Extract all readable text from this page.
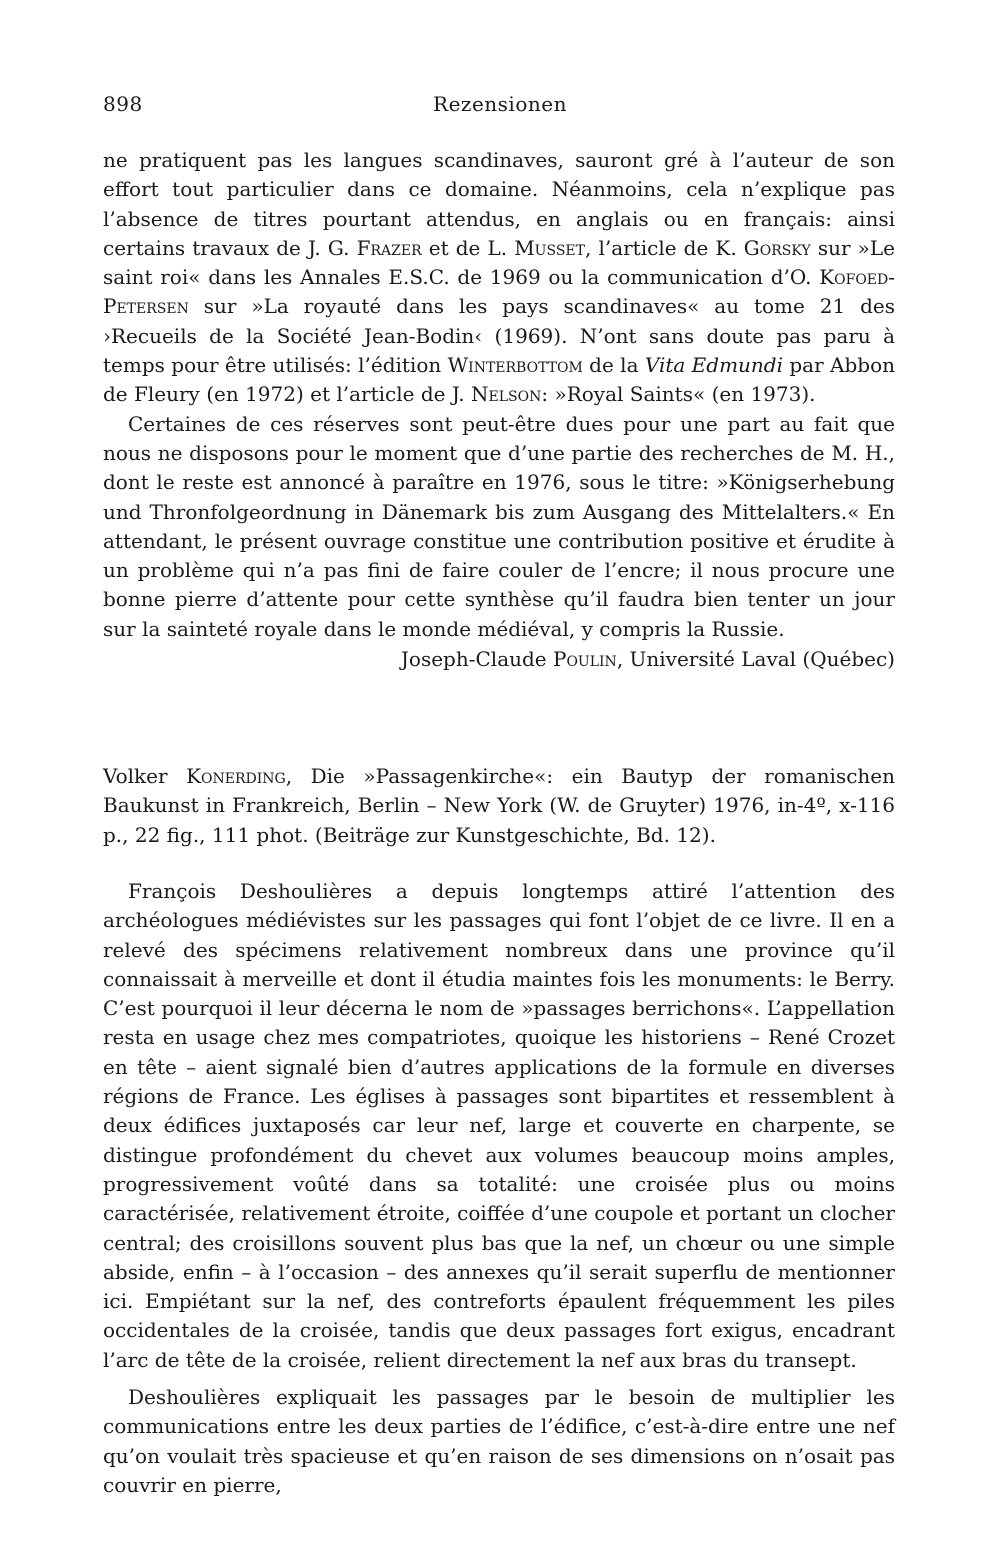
898	Rezensionen

ne pratiquent pas les langues scandinaves, sauront gré à l’auteur de son effort tout particulier dans ce domaine. Néanmoins, cela n’explique pas l’absence de titres pourtant attendus, en anglais ou en français: ainsi certains travaux de J. G. Frazer et de L. Musset, l’article de K. Gorsky sur »Le saint roi« dans les Annales E.S.C. de 1969 ou la communication d’O. Kofoed-Petersen sur »La royauté dans les pays scandinaves« au tome 21 des ›Recueils de la Société Jean-Bodin‹ (1969). N’ont sans doute pas paru à temps pour être utilisés: l’édition Winterbottom de la Vita Edmundi par Abbon de Fleury (en 1972) et l’article de J. Nelson: »Royal Saints« (en 1973).

Certaines de ces réserves sont peut-être dues pour une part au fait que nous ne disposons pour le moment que d’une partie des recherches de M. H., dont le reste est annoncé à paraître en 1976, sous le titre: »Königserhebung und Thronfolgeordnung in Dänemark bis zum Ausgang des Mittelalters.« En attendant, le présent ouvrage constitue une contribution positive et érudite à un problème qui n’a pas fini de faire couler de l’encre; il nous procure une bonne pierre d’attente pour cette synthèse qu’il faudra bien tenter un jour sur la sainteté royale dans le monde médiéval, y compris la Russie.

Joseph-Claude Poulin, Université Laval (Québec)

Volker Konerding, Die »Passagenkirche«: ein Bautyp der romanischen Baukunst in Frankreich, Berlin – New York (W. de Gruyter) 1976, in-4º, x-116 p., 22 fig., 111 phot. (Beiträge zur Kunstgeschichte, Bd. 12).

François Deshoulières a depuis longtemps attiré l’attention des archéologues médiévistes sur les passages qui font l’objet de ce livre. Il en a relevé des spécimens relativement nombreux dans une province qu’il connaissait à merveille et dont il étudia maintes fois les monuments: le Berry. C’est pourquoi il leur décerna le nom de »passages berrichons«. L’appellation resta en usage chez mes compatriotes, quoique les historiens – René Crozet en tête – aient signalé bien d’autres applications de la formule en diverses régions de France. Les églises à passages sont bipartites et ressemblent à deux édifices juxtaposés car leur nef, large et couverte en charpente, se distingue profondément du chevet aux volumes beaucoup moins amples, progressivement voûté dans sa totalité: une croisée plus ou moins caractérisée, relativement étroite, coiffée d’une coupole et portant un clocher central; des croisillons souvent plus bas que la nef, un chœur ou une simple abside, enfin – à l’occasion – des annexes qu’il serait superflu de mentionner ici. Empiétant sur la nef, des contreforts épaulent fréquemment les piles occidentales de la croisée, tandis que deux passages fort exigus, encadrant l’arc de tête de la croisée, relient directement la nef aux bras du transept.

Deshoulières expliquait les passages par le besoin de multiplier les communications entre les deux parties de l’édifice, c’est-à-dire entre une nef qu’on voulait très spacieuse et qu’en raison de ses dimensions on n’osait pas couvrir en pierre,
